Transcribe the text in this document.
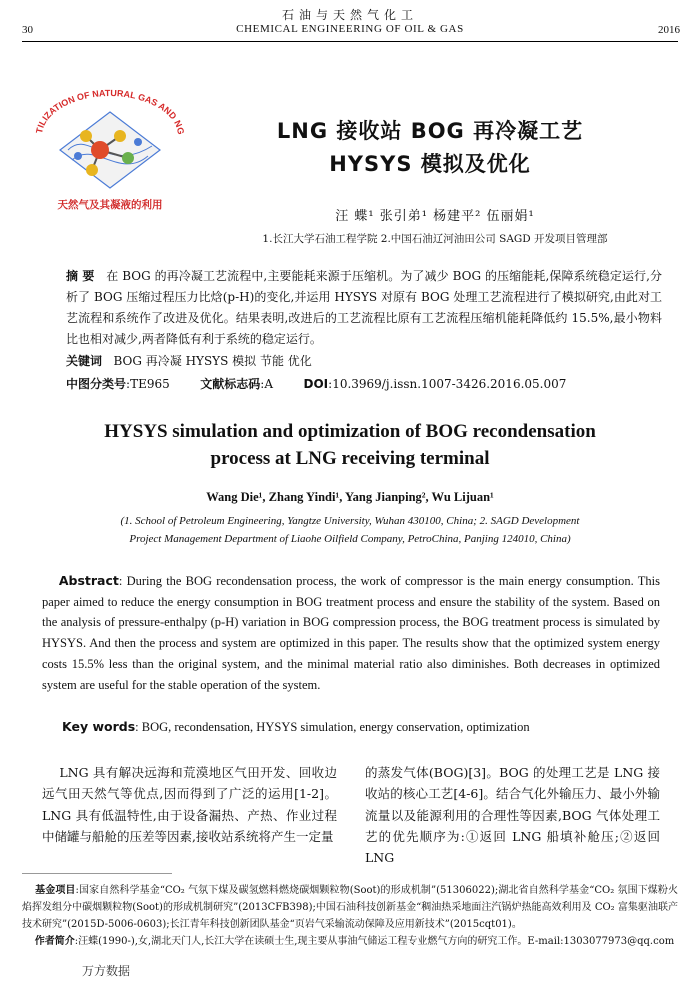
石油与天然气化工
CHEMICAL ENGINEERING OF OIL & GAS
30	2016
TILIZATION OF NATURAL GAS AND NG
天然气及其凝液的利用
LNG 接收站 BOG 再冷凝工艺
HYSYS 模拟及优化
汪 蝶¹ 张引弟¹ 杨建平² 伍丽娟¹
1.长江大学石油工程学院 2.中国石油辽河油田公司 SAGD 开发项目管理部
摘 要 在 BOG 的再冷凝工艺流程中,主要能耗来源于压缩机。为了减少 BOG 的压缩能耗,保障系统稳定运行,分析了 BOG 压缩过程压力比焓(p-H)的变化,并运用 HYSYS 对原有 BOG 处理工艺流程进行了模拟研究,由此对工艺流程和系统作了改进及优化。结果表明,改进后的工艺流程比原有工艺流程压缩机能耗降低约 15.5%,最小物料比也相对减少,两者降低有利于系统的稳定运行。
关键词 BOG 再冷凝 HYSYS 模拟 节能 优化
中图分类号:TE965	文献标志码:A	DOI:10.3969/j.issn.1007-3426.2016.05.007
HYSYS simulation and optimization of BOG recondensation
process at LNG receiving terminal
Wang Die¹, Zhang Yindi¹, Yang Jianping², Wu Lijuan¹
(1. School of Petroleum Engineering, Yangtze University, Wuhan 430100, China; 2. SAGD Development
Project Management Department of Liaohe Oilfield Company, PetroChina, Panjing 124010, China)
Abstract: During the BOG recondensation process, the work of compressor is the main energy consumption. This paper aimed to reduce the energy consumption in BOG treatment process and ensure the stability of the system. Based on the analysis of pressure-enthalpy (p-H) variation in BOG compression process, the BOG treatment process is simulated by HYSYS. And then the process and system are optimized in this paper. The results show that the optimized system energy costs 15.5% less than the original system, and the minimal material ratio also diminishes. Both decreases in optimized system are useful for the stable operation of the system.
Key words: BOG, recondensation, HYSYS simulation, energy conservation, optimization
LNG 具有解决远海和荒漠地区气田开发、回收边远气田天然气等优点,因而得到了广泛的运用[1-2]。LNG 具有低温特性,由于设备漏热、产热、作业过程中储罐与船舱的压差等因素,接收站系统将产生一定量
的蒸发气体(BOG)[3]。BOG 的处理工艺是 LNG 接收站的核心工艺[4-6]。结合气化外输压力、最小外输流量以及能源利用的合理性等因素,BOG 气体处理工艺的优先顺序为:①返回 LNG 船填补舱压;②返回 LNG
基金项目:国家自然科学基金“CO₂ 气氛下煤及碳氢燃料燃烧碳烟颗粒物(Soot)的形成机制”(51306022);湖北省自然科学基金“CO₂ 氛围下煤粉火焰挥发组分中碳烟颗粒物(Soot)的形成机制研究”(2013CFB398);中国石油科技创新基金“稠油热采地面注汽锅炉热能高效利用及 CO₂ 富集驱油联产技术研究”(2015D-5006-0603);长江青年科技创新团队基金“页岩气采输流动保障及应用新技术”(2015cqt01)。
作者简介:汪蝶(1990-),女,湖北天门人,长江大学在读硕士生,现主要从事油气储运工程专业燃气方向的研究工作。E-mail:1303077973@qq.com
万方数据
